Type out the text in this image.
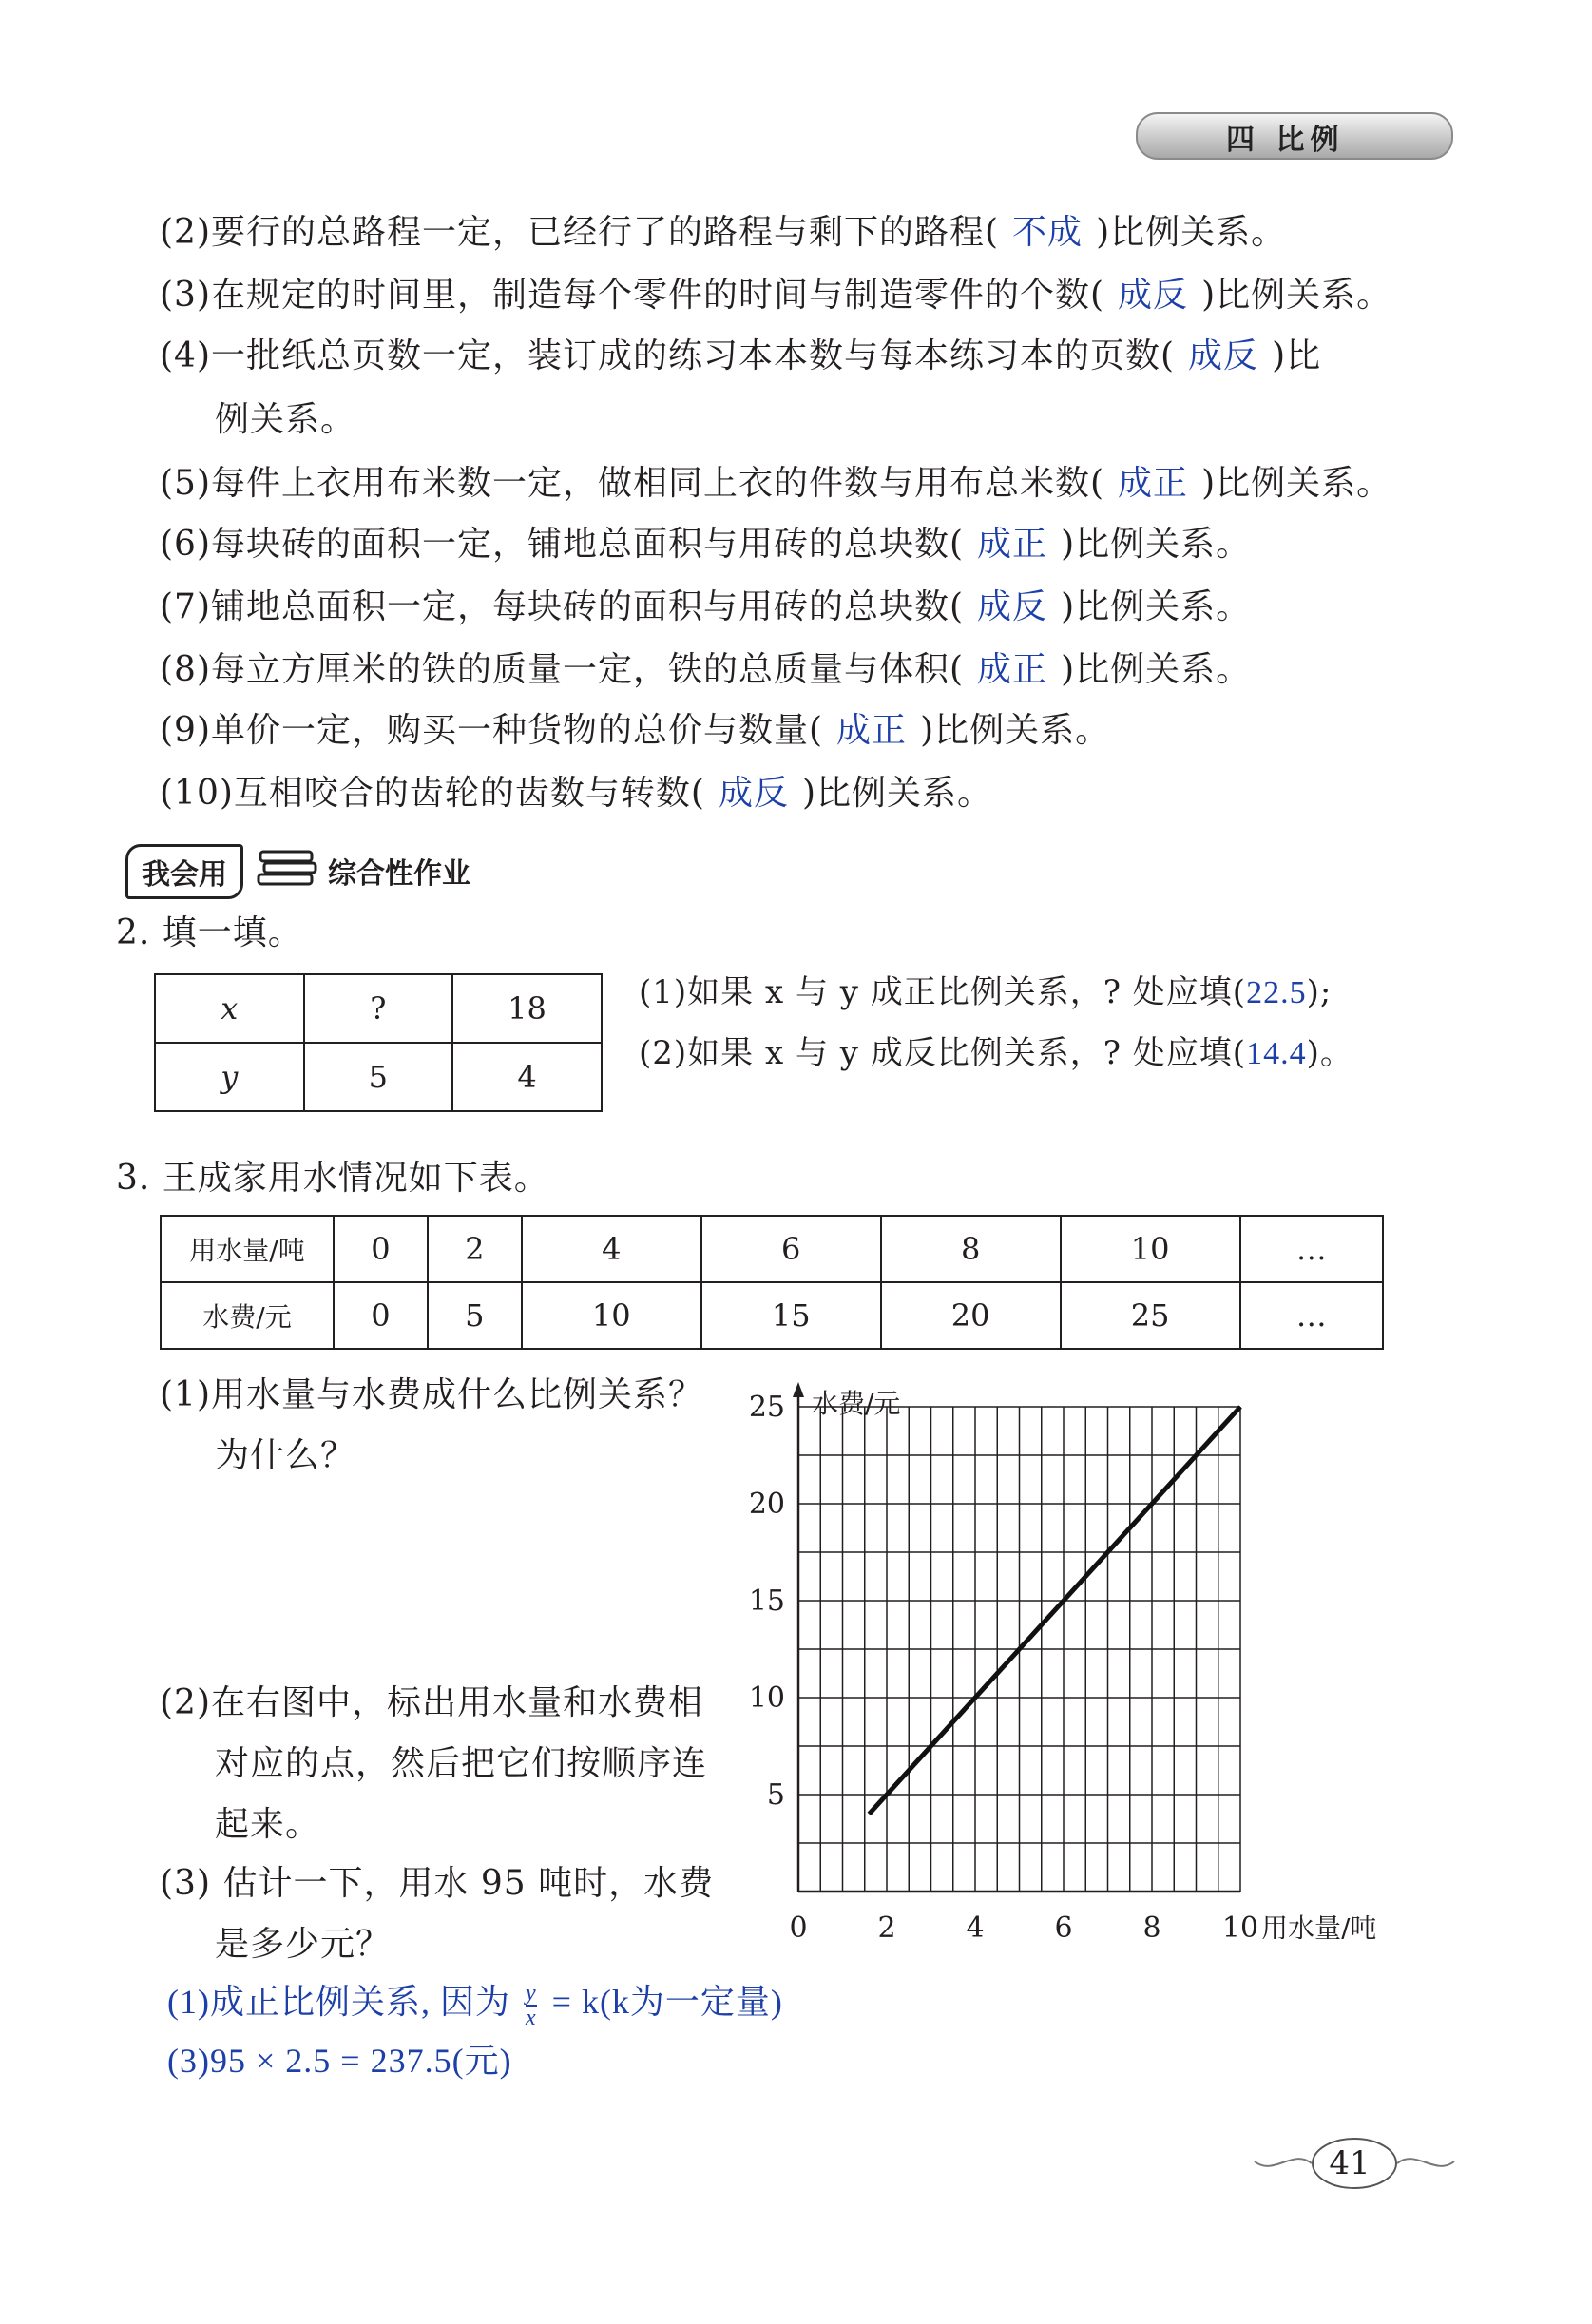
四 比例
(2)要行的总路程一定，已经行了的路程与剩下的路程( 不成 )比例关系。
(3)在规定的时间里，制造每个零件的时间与制造零件的个数( 成反 )比例关系。
(4)一批纸总页数一定，装订成的练习本本数与每本练习本的页数( 成反 )比
例关系。
(5)每件上衣用布米数一定，做相同上衣的件数与用布总米数( 成正 )比例关系。
(6)每块砖的面积一定，铺地总面积与用砖的总块数( 成正 )比例关系。
(7)铺地总面积一定，每块砖的面积与用砖的总块数( 成反 )比例关系。
(8)每立方厘米的铁的质量一定，铁的总质量与体积( 成正 )比例关系。
(9)单价一定，购买一种货物的总价与数量( 成正 )比例关系。
(10)互相咬合的齿轮的齿数与转数( 成反 )比例关系。
我会用	综合性作业
2. 填一填。
x	?	18
y	5	4
(1)如果 x 与 y 成正比例关系，? 处应填(22.5);
(2)如果 x 与 y 成反比例关系，? 处应填(14.4)。
3. 王成家用水情况如下表。
用水量/吨	0	2	4	6	8	10	…
水费/元	0	5	10	15	20	25	…
(1)用水量与水费成什么比例关系？
为什么？
(2)在右图中，标出用水量和水费相
对应的点，然后把它们按顺序连
起来。
(3) 估计一下，用水 95 吨时，水费
是多少元？
(1)成正比例关系, 因为 $\frac{y}{x} = k(k$为一定量)
(3)95 × 2.5 = 237.5(元)
水费/元
用水量/吨
0 2 4 6 8 10
5
10
15
20
25
41
